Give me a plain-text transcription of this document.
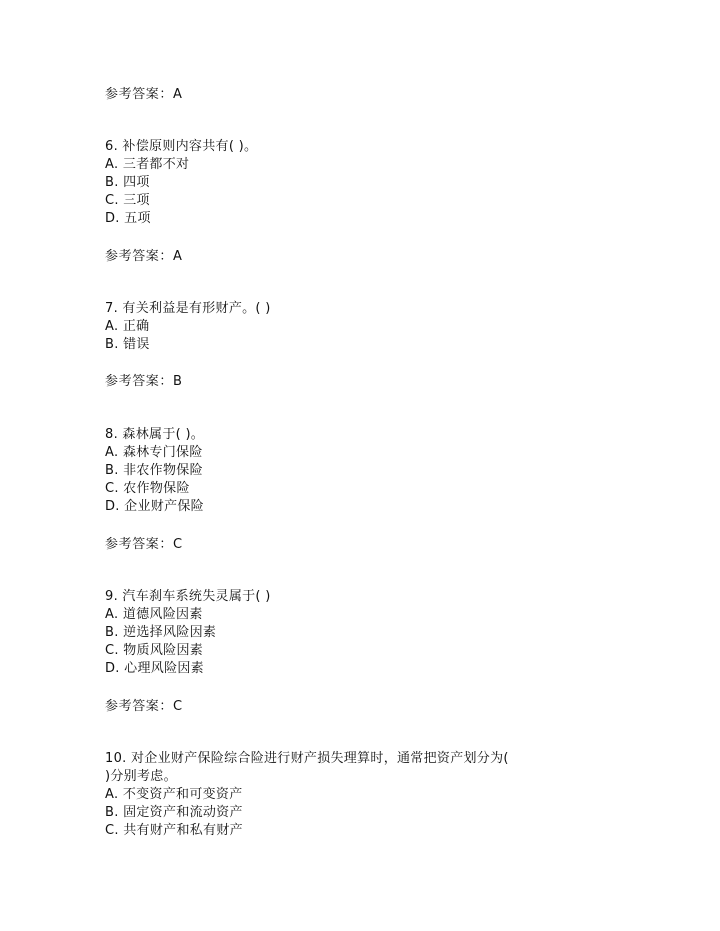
参考答案：A
6. 补偿原则内容共有( )。
A. 三者都不对
B. 四项
C. 三项
D. 五项
参考答案：A
7. 有关利益是有形财产。( )
A. 正确
B. 错误
参考答案：B
8. 森林属于( )。
A. 森林专门保险
B. 非农作物保险
C. 农作物保险
D. 企业财产保险
参考答案：C
9. 汽车刹车系统失灵属于( )
A. 道德风险因素
B. 逆选择风险因素
C. 物质风险因素
D. 心理风险因素
参考答案：C
10. 对企业财产保险综合险进行财产损失理算时，通常把资产划分为(
)分别考虑。
A. 不变资产和可变资产
B. 固定资产和流动资产
C. 共有财产和私有财产
